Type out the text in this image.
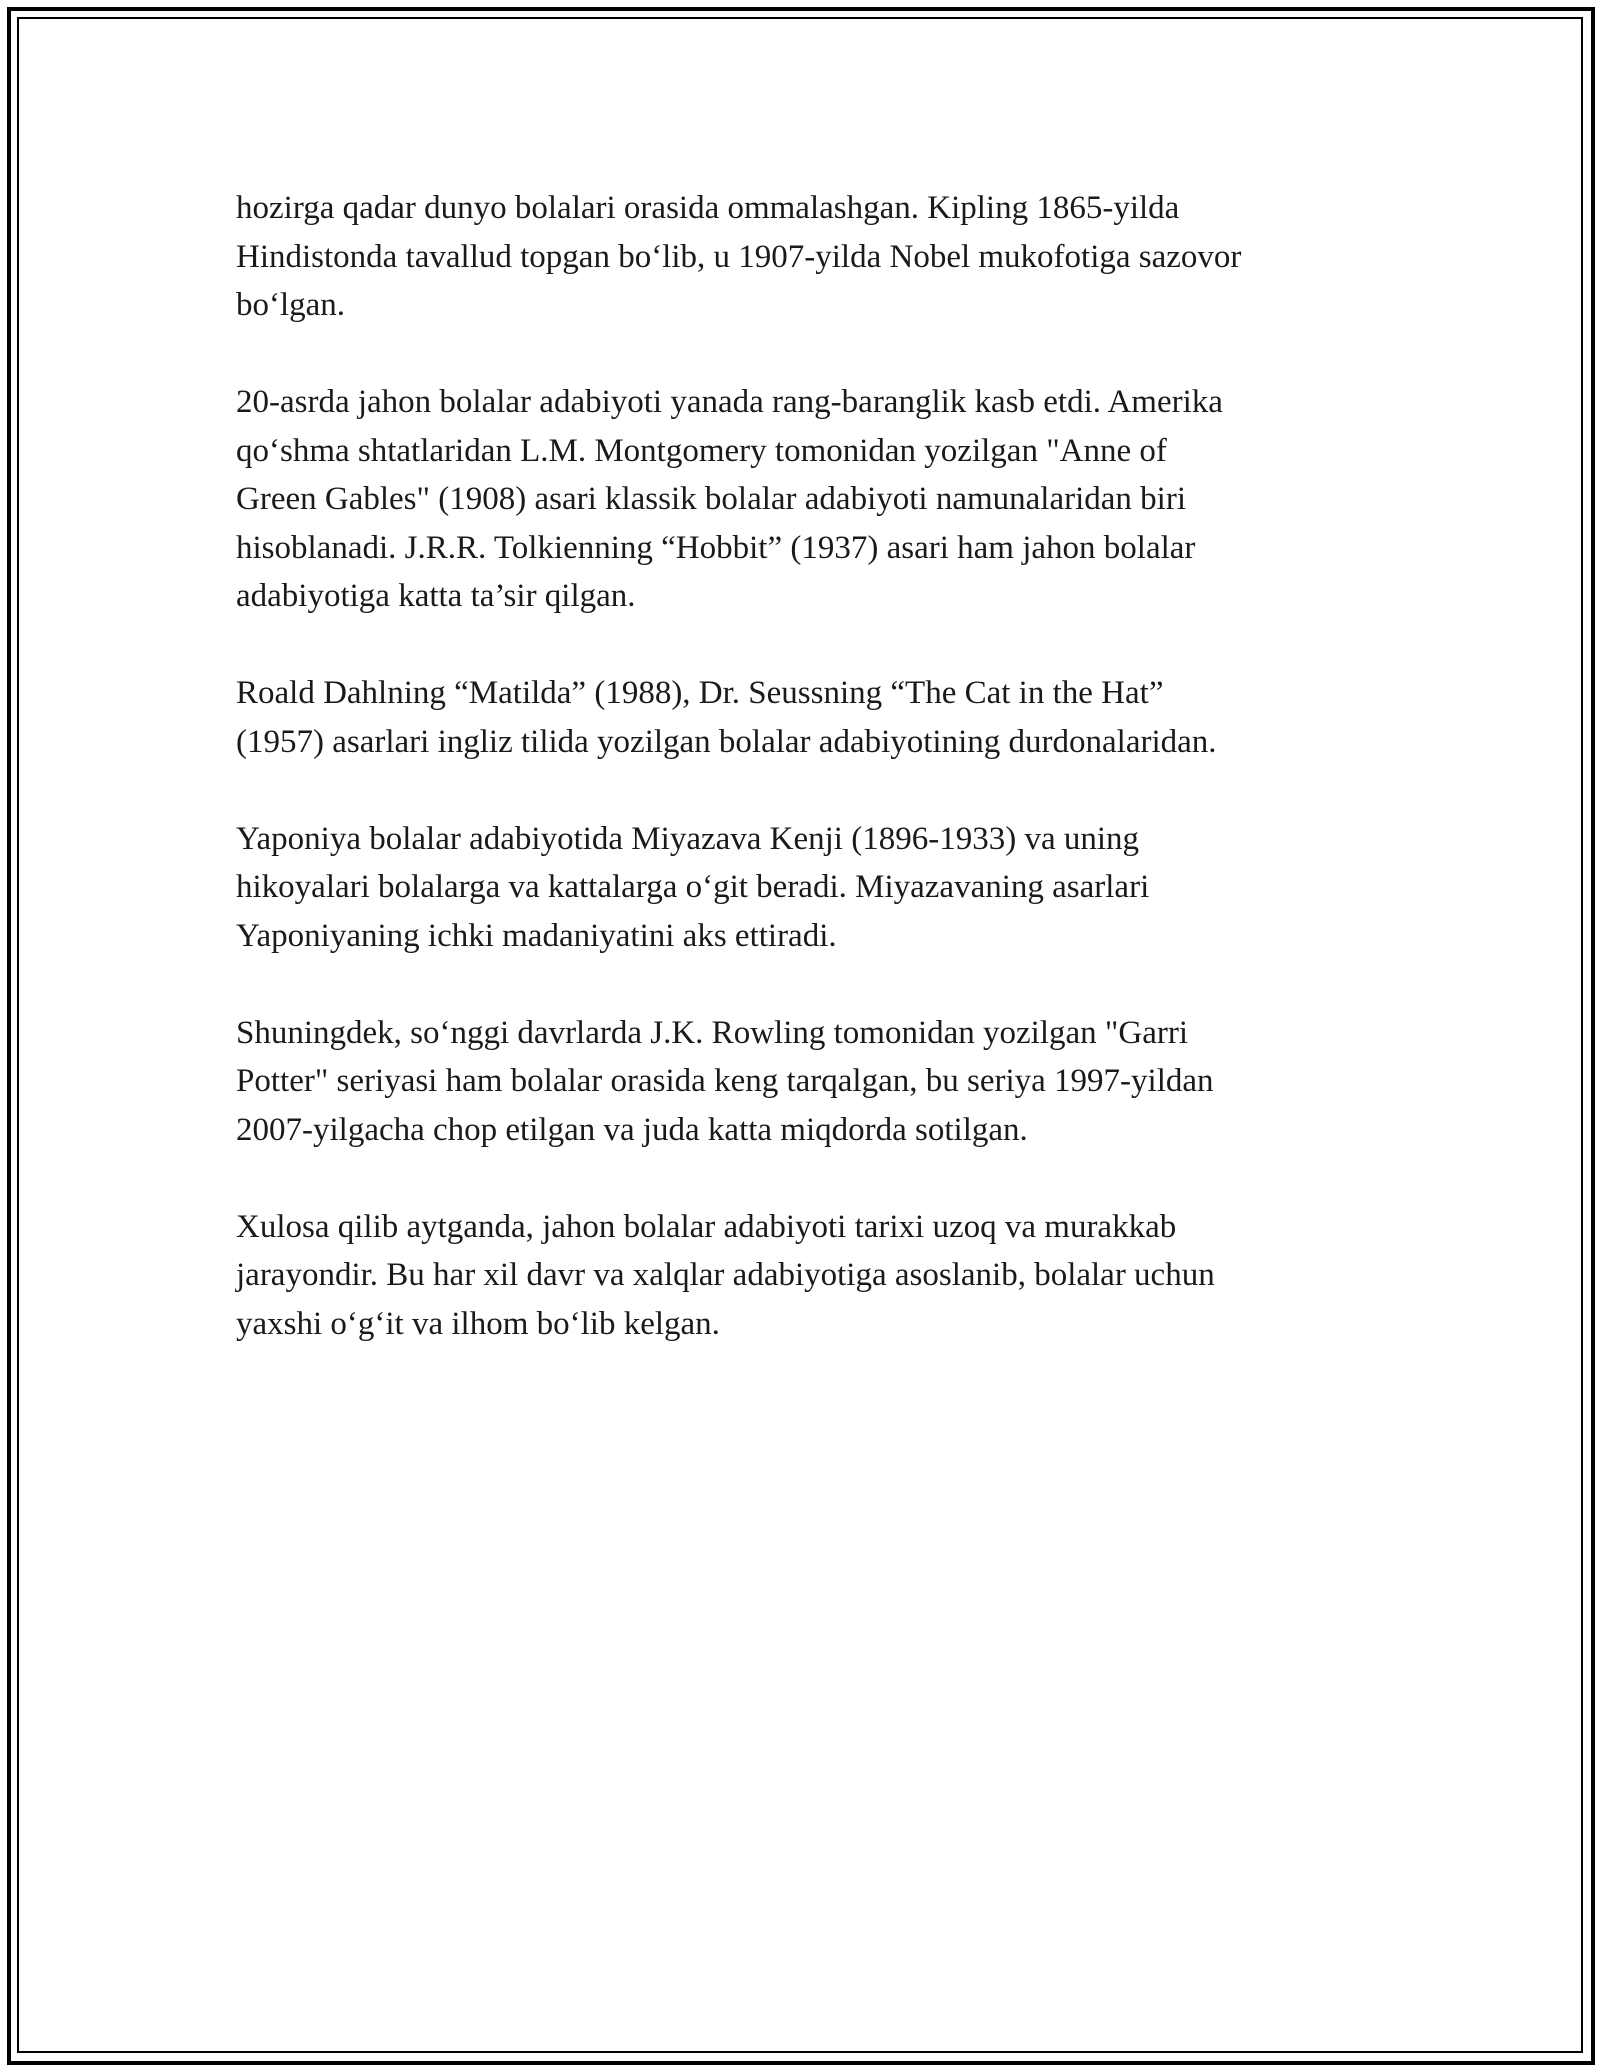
hozirga qadar dunyo bolalari orasida ommalashgan. Kipling 1865-yilda
Hindistonda tavallud topgan bo‘lib, u 1907-yilda Nobel mukofotiga sazovor
bo‘lgan.

20-asrda jahon bolalar adabiyoti yanada rang-baranglik kasb etdi. Amerika
qo‘shma shtatlaridan L.M. Montgomery tomonidan yozilgan "Anne of
Green Gables" (1908) asari klassik bolalar adabiyoti namunalaridan biri
hisoblanadi. J.R.R. Tolkienning “Hobbit” (1937) asari ham jahon bolalar
adabiyotiga katta ta’sir qilgan.

Roald Dahlning “Matilda” (1988), Dr. Seussning “The Cat in the Hat”
(1957) asarlari ingliz tilida yozilgan bolalar adabiyotining durdonalaridan.

Yaponiya bolalar adabiyotida Miyazava Kenji (1896-1933) va uning
hikoyalari bolalarga va kattalarga o‘git beradi. Miyazavaning asarlari
Yaponiyaning ichki madaniyatini aks ettiradi.

Shuningdek, so‘nggi davrlarda J.K. Rowling tomonidan yozilgan "Garri
Potter" seriyasi ham bolalar orasida keng tarqalgan, bu seriya 1997-yildan
2007-yilgacha chop etilgan va juda katta miqdorda sotilgan.

Xulosa qilib aytganda, jahon bolalar adabiyoti tarixi uzoq va murakkab
jarayondir. Bu har xil davr va xalqlar adabiyotiga asoslanib, bolalar uchun
yaxshi o‘g‘it va ilhom bo‘lib kelgan.
